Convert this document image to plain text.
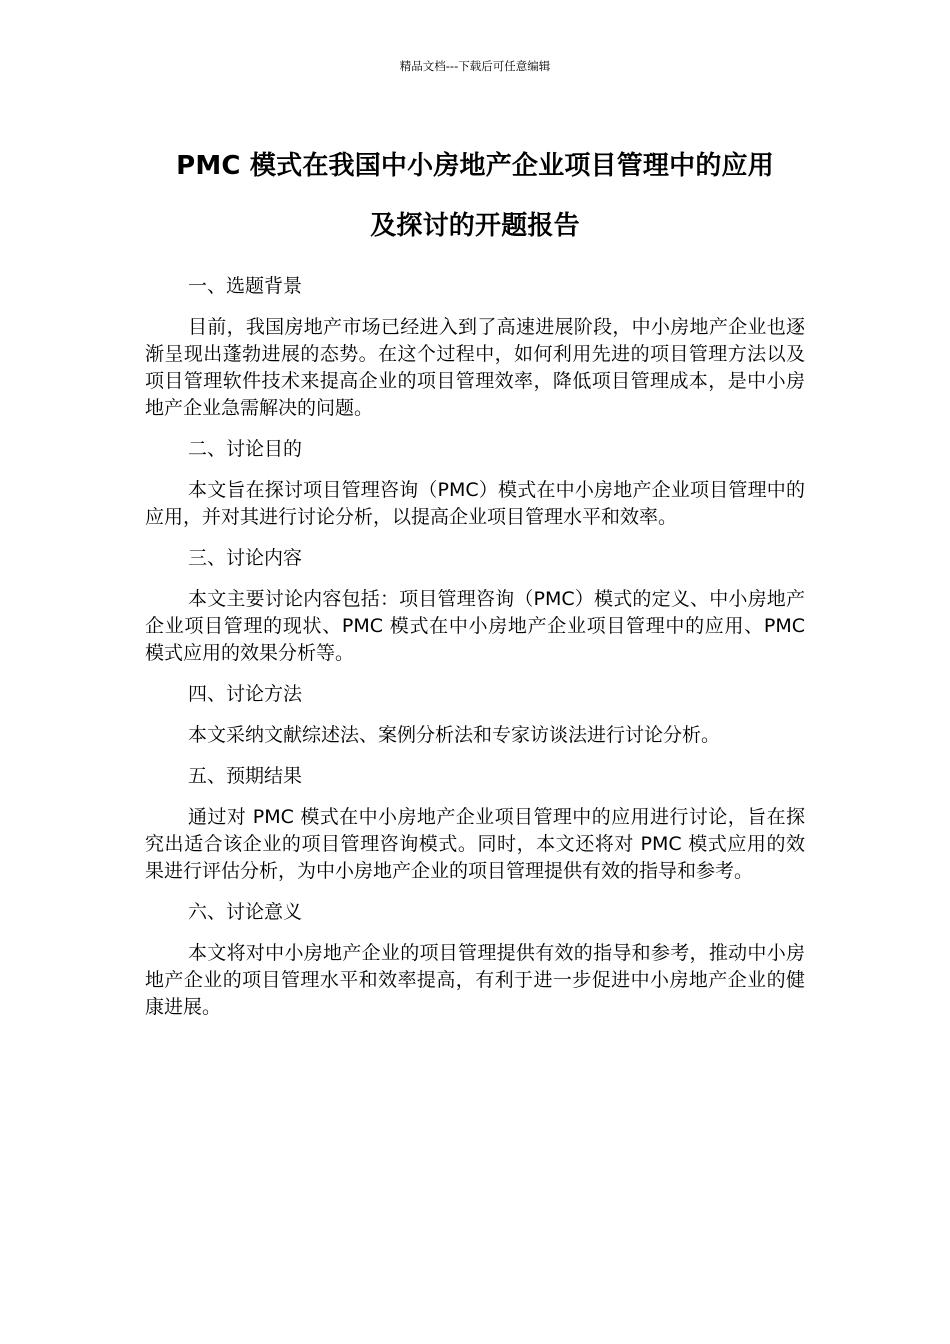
精品文档---下载后可任意编辑
PMC 模式在我国中小房地产企业项目管理中的应用
及探讨的开题报告

一、选题背景

目前，我国房地产市场已经进入到了高速进展阶段，中小房地产企业也逐渐呈现出蓬勃进展的态势。在这个过程中，如何利用先进的项目管理方法以及项目管理软件技术来提高企业的项目管理效率，降低项目管理成本，是中小房地产企业急需解决的问题。

二、讨论目的

本文旨在探讨项目管理咨询（PMC）模式在中小房地产企业项目管理中的应用，并对其进行讨论分析，以提高企业项目管理水平和效率。

三、讨论内容

本文主要讨论内容包括：项目管理咨询（PMC）模式的定义、中小房地产企业项目管理的现状、PMC 模式在中小房地产企业项目管理中的应用、PMC 模式应用的效果分析等。

四、讨论方法

本文采纳文献综述法、案例分析法和专家访谈法进行讨论分析。

五、预期结果

通过对 PMC 模式在中小房地产企业项目管理中的应用进行讨论，旨在探究出适合该企业的项目管理咨询模式。同时，本文还将对 PMC 模式应用的效果进行评估分析，为中小房地产企业的项目管理提供有效的指导和参考。

六、讨论意义

本文将对中小房地产企业的项目管理提供有效的指导和参考，推动中小房地产企业的项目管理水平和效率提高，有利于进一步促进中小房地产企业的健康进展。
